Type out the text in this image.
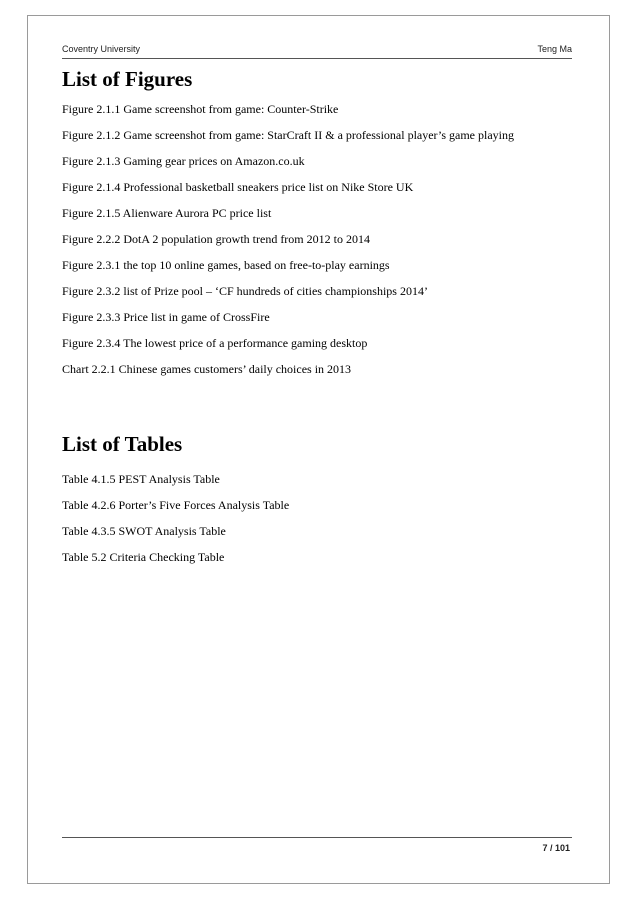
Coventry University	Teng Ma
List of Figures
Figure 2.1.1 Game screenshot from game: Counter-Strike
Figure 2.1.2 Game screenshot from game: StarCraft II & a professional player’s game playing
Figure 2.1.3 Gaming gear prices on Amazon.co.uk
Figure 2.1.4 Professional basketball sneakers price list on Nike Store UK
Figure 2.1.5 Alienware Aurora PC price list
Figure 2.2.2 DotA 2 population growth trend from 2012 to 2014
Figure 2.3.1 the top 10 online games, based on free-to-play earnings
Figure 2.3.2 list of Prize pool – ‘CF hundreds of cities championships 2014’
Figure 2.3.3 Price list in game of CrossFire
Figure 2.3.4 The lowest price of a performance gaming desktop
Chart 2.2.1 Chinese games customers’ daily choices in 2013
List of Tables
Table 4.1.5 PEST Analysis Table
Table 4.2.6 Porter’s Five Forces Analysis Table
Table 4.3.5 SWOT Analysis Table
Table 5.2 Criteria Checking Table
7 / 101
